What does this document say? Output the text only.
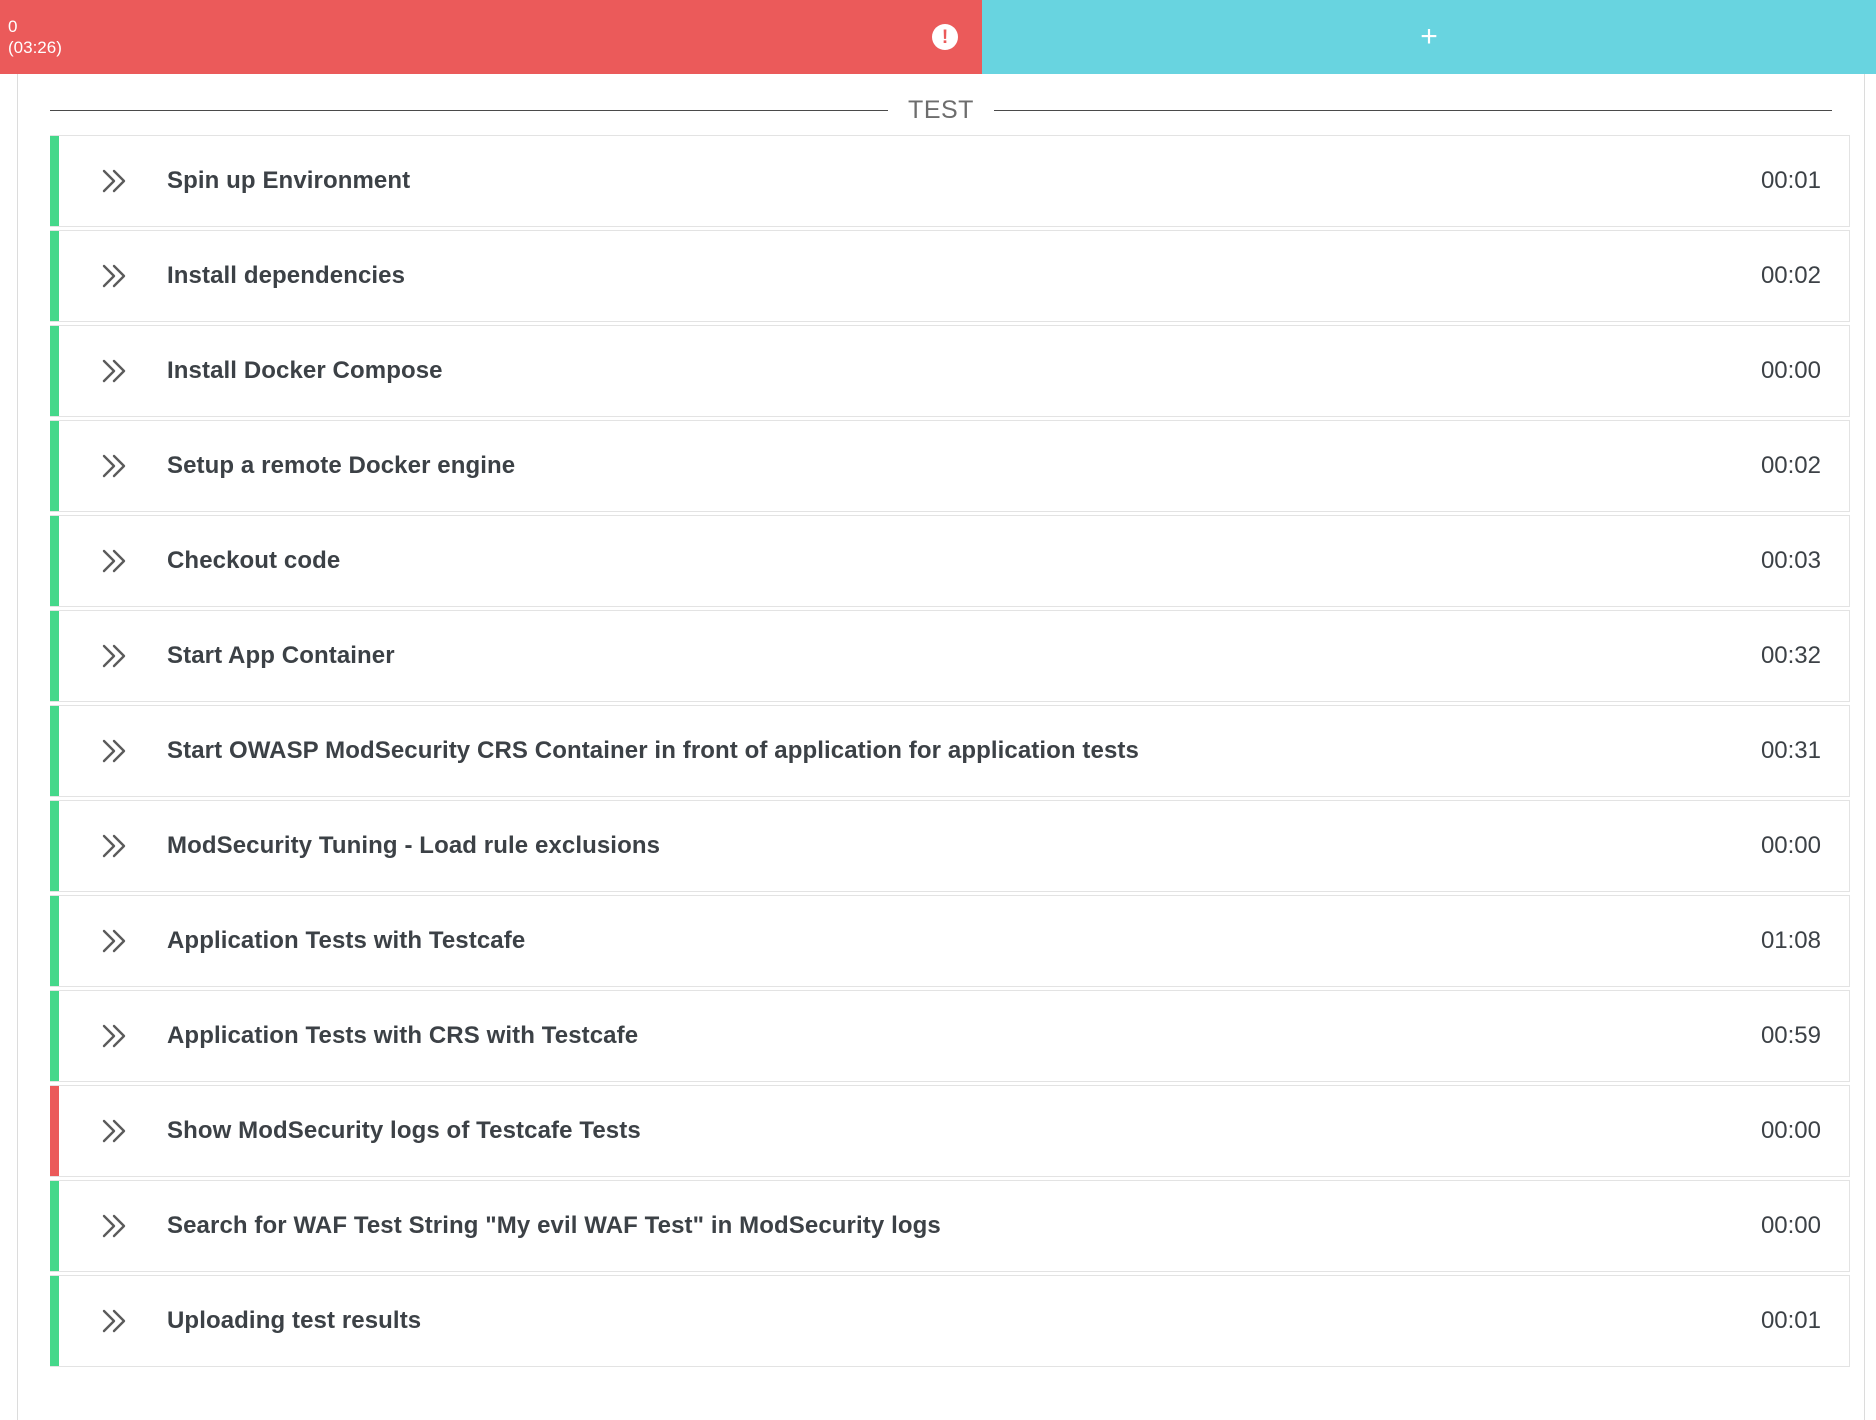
0
(03:26)	!	+
TEST
Spin up Environment	00:01
Install dependencies	00:02
Install Docker Compose	00:00
Setup a remote Docker engine	00:02
Checkout code	00:03
Start App Container	00:32
Start OWASP ModSecurity CRS Container in front of application for application tests	00:31
ModSecurity Tuning - Load rule exclusions	00:00
Application Tests with Testcafe	01:08
Application Tests with CRS with Testcafe	00:59
Show ModSecurity logs of Testcafe Tests	00:00
Search for WAF Test String "My evil WAF Test" in ModSecurity logs	00:00
Uploading test results	00:01
